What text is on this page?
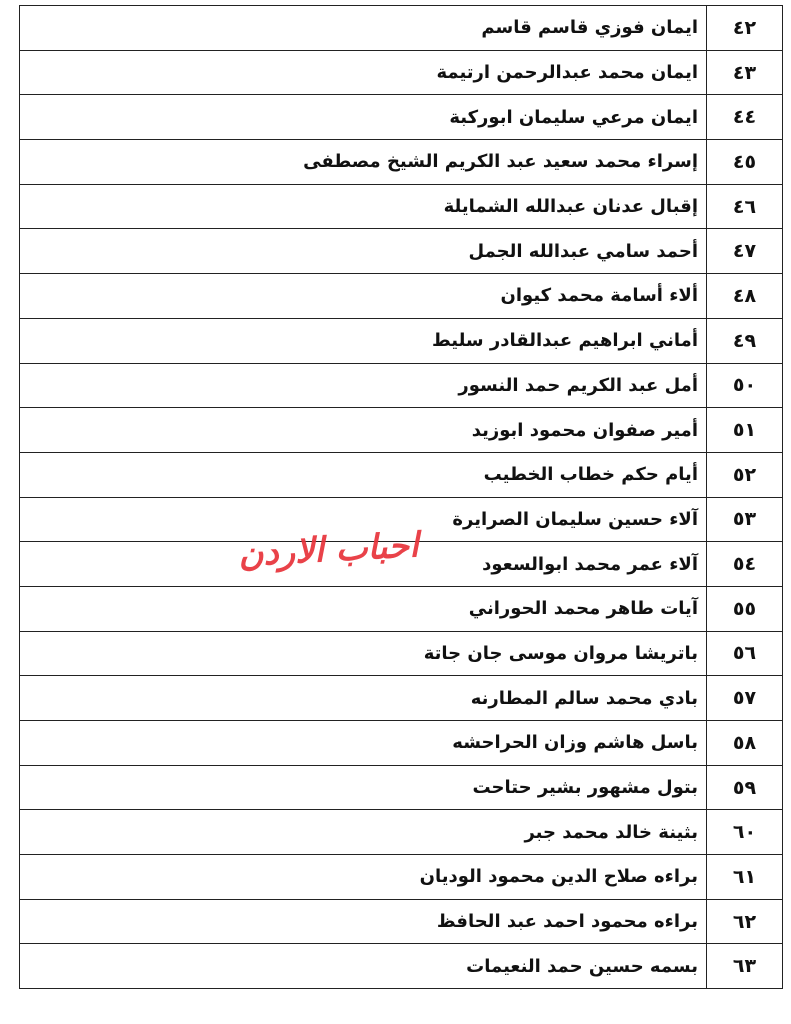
٤٢	ايمان فوزي قاسم قاسم
٤٣	ايمان محمد عبدالرحمن ارتيمة
٤٤	ايمان مرعي سليمان ابوركبة
٤٥	إسراء محمد سعيد عبد الكريم الشيخ مصطفى
٤٦	إقبال عدنان عبدالله الشمايلة
٤٧	أحمد سامي عبدالله الجمل
٤٨	ألاء أسامة محمد كيوان
٤٩	أماني ابراهيم عبدالقادر سليط
٥٠	أمل عبد الكريم حمد النسور
٥١	أمير صفوان محمود ابوزيد
٥٢	أيام حكم خطاب الخطيب
٥٣	آلاء حسين سليمان الصرايرة
٥٤	آلاء عمر محمد ابوالسعود
٥٥	آيات طاهر محمد الحوراني
٥٦	باتريشا مروان موسى جان جاتة
٥٧	بادي محمد سالم المطارنه
٥٨	باسل هاشم وزان الحراحشه
٥٩	بتول مشهور بشير حتاحت
٦٠	بثينة خالد محمد جبر
٦١	براءه صلاح الدين محمود الوديان
٦٢	براءه محمود احمد عبد الحافظ
٦٣	بسمه حسين حمد النعيمات
احباب الاردن
